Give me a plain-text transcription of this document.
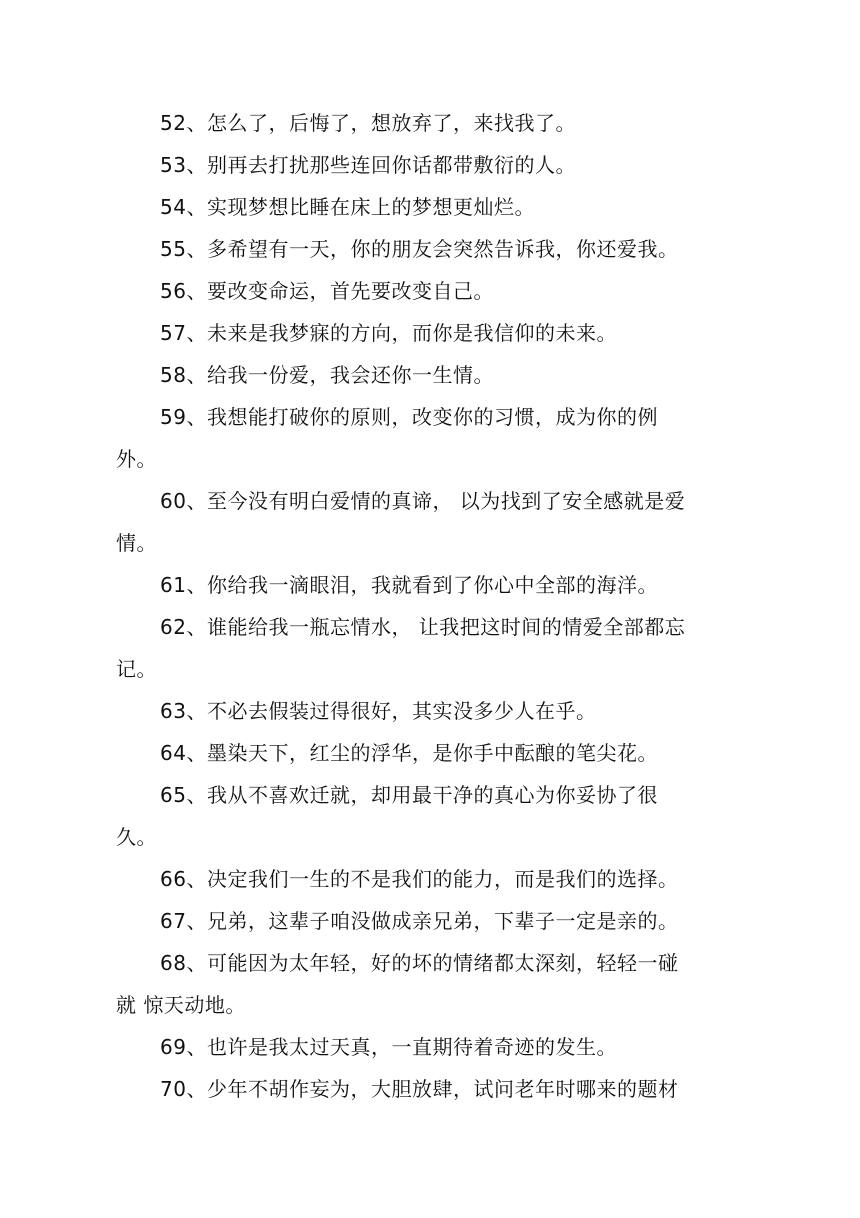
52、怎么了，后悔了，想放弃了，来找我了。
53、别再去打扰那些连回你话都带敷衍的人。
54、实现梦想比睡在床上的梦想更灿烂。
55、多希望有一天，你的朋友会突然告诉我，你还爱我。
56、要改变命运，首先要改变自己。
57、未来是我梦寐的方向，而你是我信仰的未来。
58、给我一份爱，我会还你一生情。
59、我想能打破你的原则，改变你的习惯，成为你的例
外。
60、至今没有明白爱情的真谛， 以为找到了安全感就是爱
情。
61、你给我一滴眼泪，我就看到了你心中全部的海洋。
62、谁能给我一瓶忘情水， 让我把这时间的情爱全部都忘
记。
63、不必去假装过得很好，其实没多少人在乎。
64、墨染天下，红尘的浮华，是你手中酝酿的笔尖花。
65、我从不喜欢迁就，却用最干净的真心为你妥协了很
久。
66、决定我们一生的不是我们的能力，而是我们的选择。
67、兄弟，这辈子咱没做成亲兄弟，下辈子一定是亲的。
68、可能因为太年轻，好的坏的情绪都太深刻，轻轻一碰
就 惊天动地。
69、也许是我太过天真，一直期待着奇迹的发生。
70、少年不胡作妄为，大胆放肆，试问老年时哪来的题材
